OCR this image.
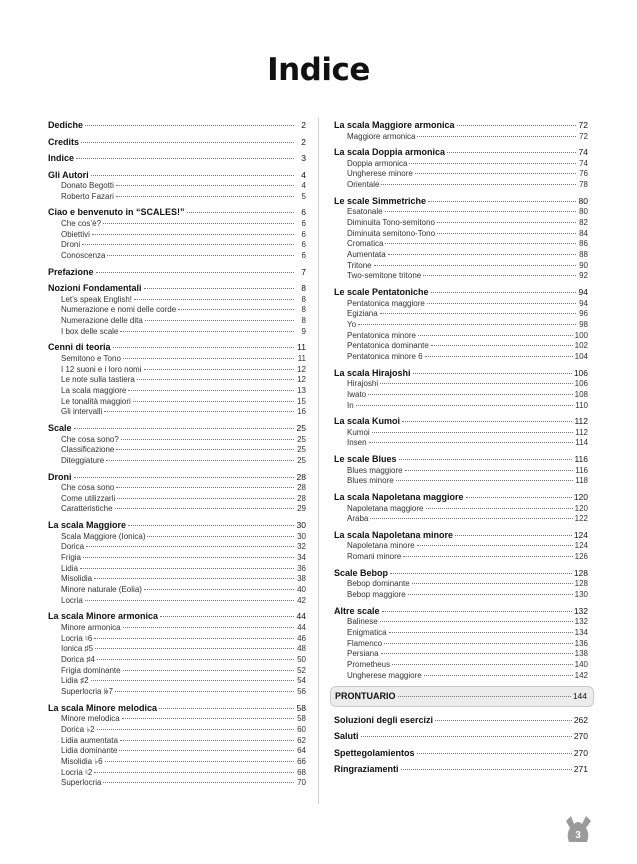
Indice
Dediche	2
Credits	2
Indice	3
Gli Autori	4
Donato Begotti	4
Roberto Fazari	5
Ciao e benvenuto in “SCALES!”	6
Che cos’è?	6
Obiettivi	6
Droni	6
Conoscenza	6
Prefazione	7
Nozioni Fondamentali	8
Let’s speak English!	8
Numerazione e nomi delle corde	8
Numerazione delle dita	8
I box delle scale	9
Cenni di teoria	11
Semitono e Tono	11
I 12 suoni e i loro nomi	12
Le note sulla tastiera	12
La scala maggiore	13
Le tonalità maggiori	15
Gli intervalli	16
Scale	25
Che cosa sono?	25
Classificazione	25
Diteggiature	25
Droni	28
Che cosa sono	28
Come utilizzarli	28
Caratteristiche	29
La scala Maggiore	30
Scala Maggiore (Ionica)	30
Dorica	32
Frigia	34
Lidia	36
Misolidia	38
Minore naturale (Eolia)	40
Locria	42
La scala Minore armonica	44
Minore armonica	44
Locria ♮6	46
Ionica ♯5	48
Dorica ♯4	50
Frigia dominante	52
Lidia ♯2	54
Superlocria 𝄫7	56
La scala Minore melodica	58
Minore melodica	58
Dorica ♭2	60
Lidia aumentata	62
Lidia dominante	64
Misolidia ♭6	66
Locria ♮2	68
Superlocria	70
La scala Maggiore armonica	72
Maggiore armonica	72
La scala Doppia armonica	74
Doppia armonica	74
Ungherese minore	76
Orientale	78
Le scale Simmetriche	80
Esatonale	80
Diminuita Tono-semitono	82
Diminuita semitono-Tono	84
Cromatica	86
Aumentata	88
Tritone	90
Two-semitone tritone	92
Le scale Pentatoniche	94
Pentatonica maggiore	94
Egiziana	96
Yo	98
Pentatonica minore	100
Pentatonica dominante	102
Pentatonica minore 6	104
La scala Hirajoshi	106
Hirajoshi	106
Iwato	108
In	110
La scala Kumoi	112
Kumoi	112
Insen	114
Le scale Blues	116
Blues maggiore	116
Blues minore	118
La scala Napoletana maggiore	120
Napoletana maggiore	120
Araba	122
La scala Napoletana minore	124
Napoletana minore	124
Romani minore	126
Scale Bebop	128
Bebop dominante	128
Bebop maggiore	130
Altre scale	132
Balinese	132
Enigmatica	134
Flamenco	136
Persiana	138
Prometheus	140
Ungherese maggiore	142
PRONTUARIO	144
Soluzioni degli esercizi	262
Saluti	270
Spettegolamientos	270
Ringraziamenti	271
3
